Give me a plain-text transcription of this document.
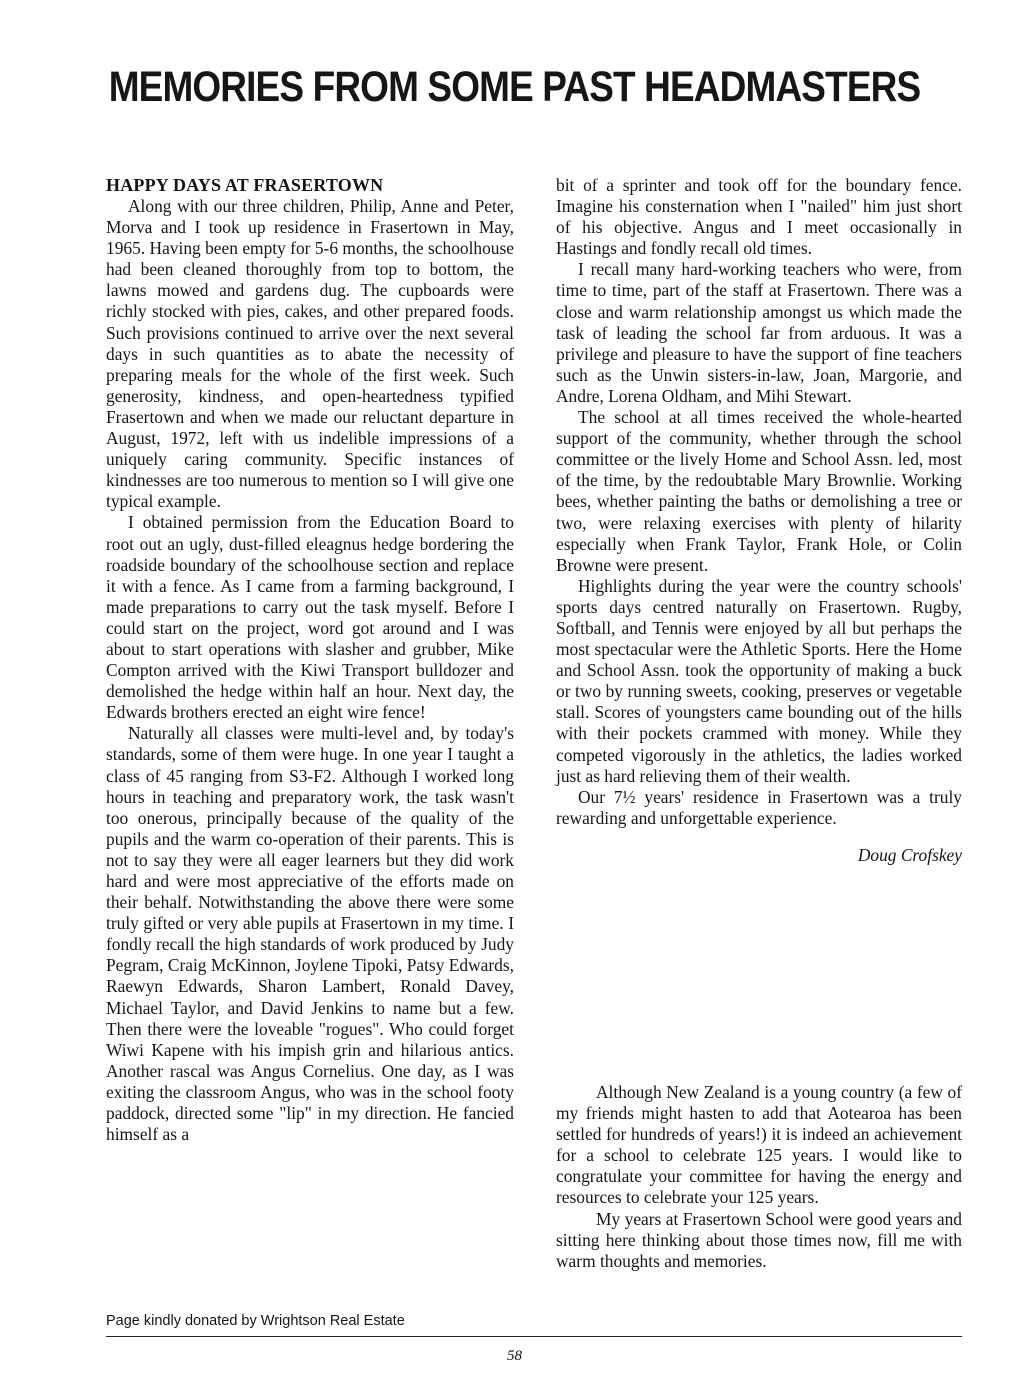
MEMORIES FROM SOME PAST HEADMASTERS
HAPPY DAYS AT FRASERTOWN

Along with our three children, Philip, Anne and Peter, Morva and I took up residence in Frasertown in May, 1965. Having been empty for 5-6 months, the schoolhouse had been cleaned thoroughly from top to bottom, the lawns mowed and gardens dug. The cupboards were richly stocked with pies, cakes, and other prepared foods. Such provisions continued to arrive over the next several days in such quantities as to abate the necessity of preparing meals for the whole of the first week. Such generosity, kindness, and open-heartedness typified Frasertown and when we made our reluctant departure in August, 1972, left with us indelible impressions of a uniquely caring community. Specific instances of kindnesses are too numerous to mention so I will give one typical example.

I obtained permission from the Education Board to root out an ugly, dust-filled eleagnus hedge bordering the roadside boundary of the schoolhouse section and replace it with a fence. As I came from a farming background, I made preparations to carry out the task myself. Before I could start on the project, word got around and I was about to start operations with slasher and grubber, Mike Compton arrived with the Kiwi Transport bulldozer and demolished the hedge within half an hour. Next day, the Edwards brothers erected an eight wire fence!

Naturally all classes were multi-level and, by today's standards, some of them were huge. In one year I taught a class of 45 ranging from S3-F2. Although I worked long hours in teaching and preparatory work, the task wasn't too onerous, principally because of the quality of the pupils and the warm co-operation of their parents. This is not to say they were all eager learners but they did work hard and were most appreciative of the efforts made on their behalf. Notwithstanding the above there were some truly gifted or very able pupils at Frasertown in my time. I fondly recall the high standards of work produced by Judy Pegram, Craig McKinnon, Joylene Tipoki, Patsy Edwards, Raewyn Edwards, Sharon Lambert, Ronald Davey, Michael Taylor, and David Jenkins to name but a few. Then there were the loveable "rogues". Who could forget Wiwi Kapene with his impish grin and hilarious antics. Another rascal was Angus Cornelius. One day, as I was exiting the classroom Angus, who was in the school footy paddock, directed some "lip" in my direction. He fancied himself as a

bit of a sprinter and took off for the boundary fence. Imagine his consternation when I "nailed" him just short of his objective. Angus and I meet occasionally in Hastings and fondly recall old times.

I recall many hard-working teachers who were, from time to time, part of the staff at Frasertown. There was a close and warm relationship amongst us which made the task of leading the school far from arduous. It was a privilege and pleasure to have the support of fine teachers such as the Unwin sisters-in-law, Joan, Margorie, and Andre, Lorena Oldham, and Mihi Stewart.

The school at all times received the whole-hearted support of the community, whether through the school committee or the lively Home and School Assn. led, most of the time, by the redoubtable Mary Brownlie. Working bees, whether painting the baths or demolishing a tree or two, were relaxing exercises with plenty of hilarity especially when Frank Taylor, Frank Hole, or Colin Browne were present.

Highlights during the year were the country schools' sports days centred naturally on Frasertown. Rugby, Softball, and Tennis were enjoyed by all but perhaps the most spectacular were the Athletic Sports. Here the Home and School Assn. took the opportunity of making a buck or two by running sweets, cooking, preserves or vegetable stall. Scores of youngsters came bounding out of the hills with their pockets crammed with money. While they competed vigorously in the athletics, the ladies worked just as hard relieving them of their wealth.

Our 7½ years' residence in Frasertown was a truly rewarding and unforgettable experience.

Doug Crofskey

Although New Zealand is a young country (a few of my friends might hasten to add that Aotearoa has been settled for hundreds of years!) it is indeed an achievement for a school to celebrate 125 years. I would like to congratulate your committee for having the energy and resources to celebrate your 125 years.

My years at Frasertown School were good years and sitting here thinking about those times now, fill me with warm thoughts and memories.

Page kindly donated by Wrightson Real Estate

58
